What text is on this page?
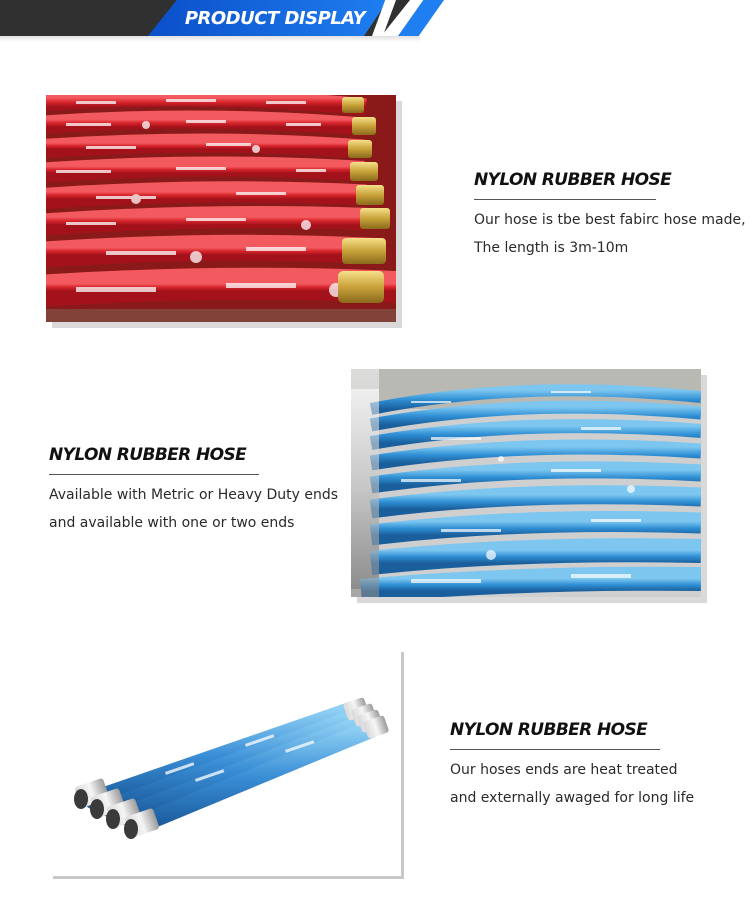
PRODUCT DISPLAY
NYLON RUBBER HOSE
Our hose is tbe best fabirc hose made,
The length is 3m-10m
NYLON RUBBER HOSE
Available with Metric or Heavy Duty ends
and available with one or two ends
NYLON RUBBER HOSE
Our hoses ends are heat treated
and externally awaged for long life
